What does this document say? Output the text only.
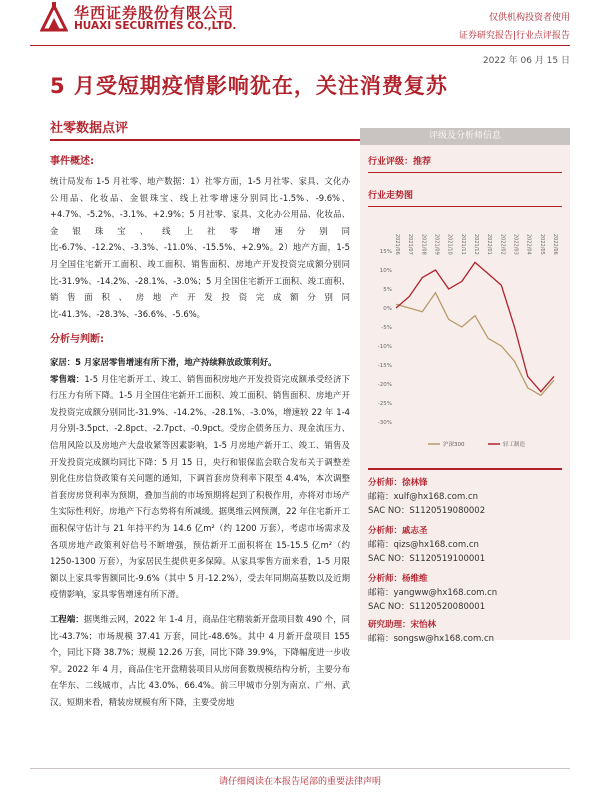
华西证券股份有限公司
HUAXI SECURITIES CO.,LTD.
仅供机构投资者使用
证券研究报告|行业点评报告
2022 年 06 月 15 日
5 月受短期疫情影响犹在，关注消费复苏
社零数据点评
事件概述:
统计局发布 1-5 月社零、地产数据：1）社零方面，1-5 月社零、家具、文化办公用品、化妆品、金银珠宝、线上社零增速分别同比-1.5%、-9.6%、+4.7%、-5.2%、-3.1%、+2.9%；5 月社零、家具、文化办公用品、化妆品、金银珠宝、线上社零增速分别同比-6.7%、-12.2%、-3.3%、-11.0%、-15.5%、+2.9%。2）地产方面，1-5 月全国住宅新开工面积、竣工面积、销售面积、房地产开发投资完成额分别同比-31.9%、-14.2%、-28.1%、-3.0%；5 月全国住宅新开工面积、竣工面积、销售面积、房地产开发投资完成额分别同比-41.3%、-28.3%、-36.6%、-5.6%。
分析与判断:
家居：5 月家居零售增速有所下滑，地产持续释放政策利好。
零售端：1-5 月住宅新开工、竣工、销售面积房地产开发投资完成额承受经济下行压力有所下降。1-5 月全国住宅新开工面积、竣工面积、销售面积、房地产开发投资完成额分别同比-31.9%、-14.2%、-28.1%、-3.0%，增速较 22 年 1-4 月分别-3.5pct、-2.8pct、-2.7pct、-0.9pct。受房企债务压力、现金流压力、信用风险以及房地产大盘收紧等因素影响，1-5 月房地产新开工、竣工、销售及开发投资完成额均同比下降：5 月 15 日，央行和银保监会联合发布关于调整差别化住房信贷政策有关问题的通知，下调首套房贷利率下限至 4.4%，本次调整首套房房贷利率为预期，叠加当前的市场预期将起到了积极作用，亦将对市场产生实际性利好，房地产下行态势将有所减缓。据奥维云网预测，22 年住宅新开工面积保守估计与 21 年持平约为 14.6 亿m²（约 1200 万套），考虑市场需求及各项房地产政策利好信号不断增强，预估新开工面积将在 15-15.5 亿m²（约 1250-1300 万套），为家居民生提供更多保障。从家具零售方面来看，1-5 月限额以上家具零售额同比-9.6%（其中 5 月-12.2%），受去年同期高基数以及近期疫情影响，家具零售增速有所下滑。
工程端：据奥维云网，2022 年 1-4 月，商品住宅精装新开盘项目数 490 个，同比-43.7%；市场规模 37.41 万套，同比-48.6%。其中 4 月新开盘项目 155 个，同比下降 38.7%；规模 12.26 万套，同比下降 39.9%，下降幅度进一步收窄。2022 年 4 月，商品住宅开盘精装项目从房间套数规模结构分析，主要分布在华东、二线城市，占比 43.0%、66.4%。前三甲城市分别为南京、广州、武汉。短期来看，精装房规模有所下降，主要受房地
评级及分析师信息
行业评级：推荐
行业走势图
15%
10%
5%
0%
-5%
-10%
-15%
-20%
-25%
-30%
2021/06 2021/07 2021/08 2021/09 2021/10 2021/11 2021/12 2022/01 2022/02 2022/03 2022/04 2022/05 2022/06
沪深300	轻工制造
分析师：徐林锋
邮箱：xulf@hx168.com.cn
SAC NO：S1120519080002
分析师：戚志圣
邮箱：qizs@hx168.com.cn
SAC NO：S1120519100001
分析师：杨维维
邮箱：yangww@hx168.com.cn
SAC NO：S1120520080001
研究助理：宋怡林
邮箱：songsw@hx168.com.cn
请仔细阅读在本报告尾部的重要法律声明
